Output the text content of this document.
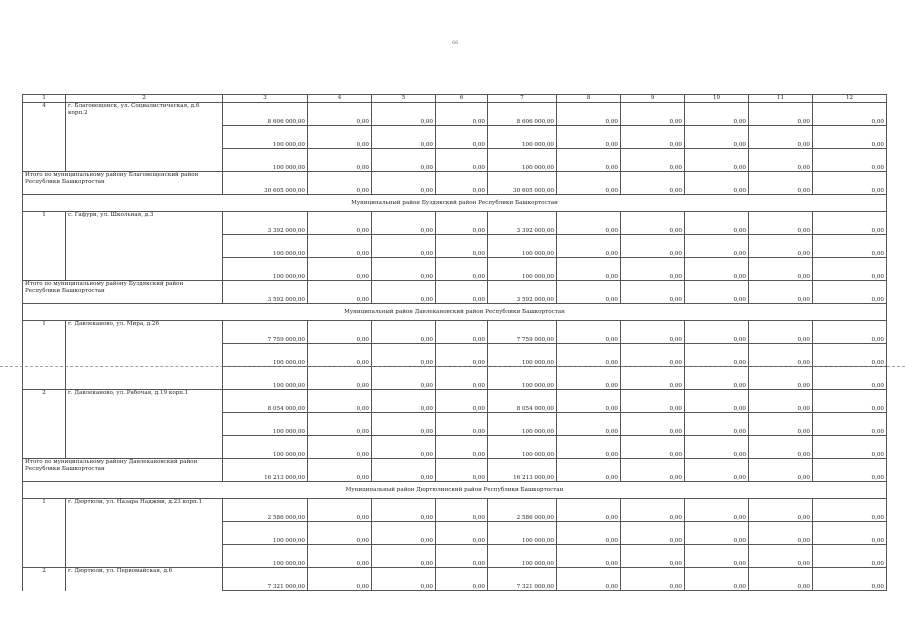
66
1	2	3	4	5	6	7	8	9	10	11	12
4	г. Благовещенск, ул. Социалистическая, д.6 корп.2	8 606 000,00	0,00	0,00	0,00	8 606 000,00	0,00	0,00	0,00	0,00	0,00
		100 000,00	0,00	0,00	0,00	100 000,00	0,00	0,00	0,00	0,00	0,00
		100 000,00	0,00	0,00	0,00	100 000,00	0,00	0,00	0,00	0,00	0,00
Итого по муниципальному району Благовещенский район Республики Башкортостан		30 605 000,00	0,00	0,00	0,00	30 605 000,00	0,00	0,00	0,00	0,00	0,00
Муниципальный район Буздякский район Республики Башкортостан											
1	с. Гафури, ул. Школьная, д.3	3 392 000,00	0,00	0,00	0,00	3 392 000,00	0,00	0,00	0,00	0,00	0,00
		100 000,00	0,00	0,00	0,00	100 000,00	0,00	0,00	0,00	0,00	0,00
		100 000,00	0,00	0,00	0,00	100 000,00	0,00	0,00	0,00	0,00	0,00
Итого по муниципальному району Буздякский район Республики Башкортостан		3 592 000,00	0,00	0,00	0,00	3 592 000,00	0,00	0,00	0,00	0,00	0,00
Муниципальный район Давлекановский район Республики Башкортостан											
1	г. Давлеканово, ул. Мира, д.26	7 759 000,00	0,00	0,00	0,00	7 759 000,00	0,00	0,00	0,00	0,00	0,00
		100 000,00	0,00	0,00	0,00	100 000,00	0,00	0,00	0,00	0,00	0,00
		100 000,00	0,00	0,00	0,00	100 000,00	0,00	0,00	0,00	0,00	0,00
2	г. Давлеканово, ул. Рабочая, д.19 корп.1	8 054 000,00	0,00	0,00	0,00	8 054 000,00	0,00	0,00	0,00	0,00	0,00
		100 000,00	0,00	0,00	0,00	100 000,00	0,00	0,00	0,00	0,00	0,00
		100 000,00	0,00	0,00	0,00	100 000,00	0,00	0,00	0,00	0,00	0,00
Итого по муниципальному району Давлекановский район Республики Башкортостан		16 213 000,00	0,00	0,00	0,00	16 213 000,00	0,00	0,00	0,00	0,00	0,00
Муниципальный район Дюртюлинский район Республики Башкортостан											
1	г. Дюртюли, ул. Назара Наджми, д.23 корп.1	2 586 000,00	0,00	0,00	0,00	2 586 000,00	0,00	0,00	0,00	0,00	0,00
		100 000,00	0,00	0,00	0,00	100 000,00	0,00	0,00	0,00	0,00	0,00
		100 000,00	0,00	0,00	0,00	100 000,00	0,00	0,00	0,00	0,00	0,00
2	г. Дюртюли, ул. Первомайская, д.6	7 321 000,00	0,00	0,00	0,00	7 321 000,00	0,00	0,00	0,00	0,00	0,00
